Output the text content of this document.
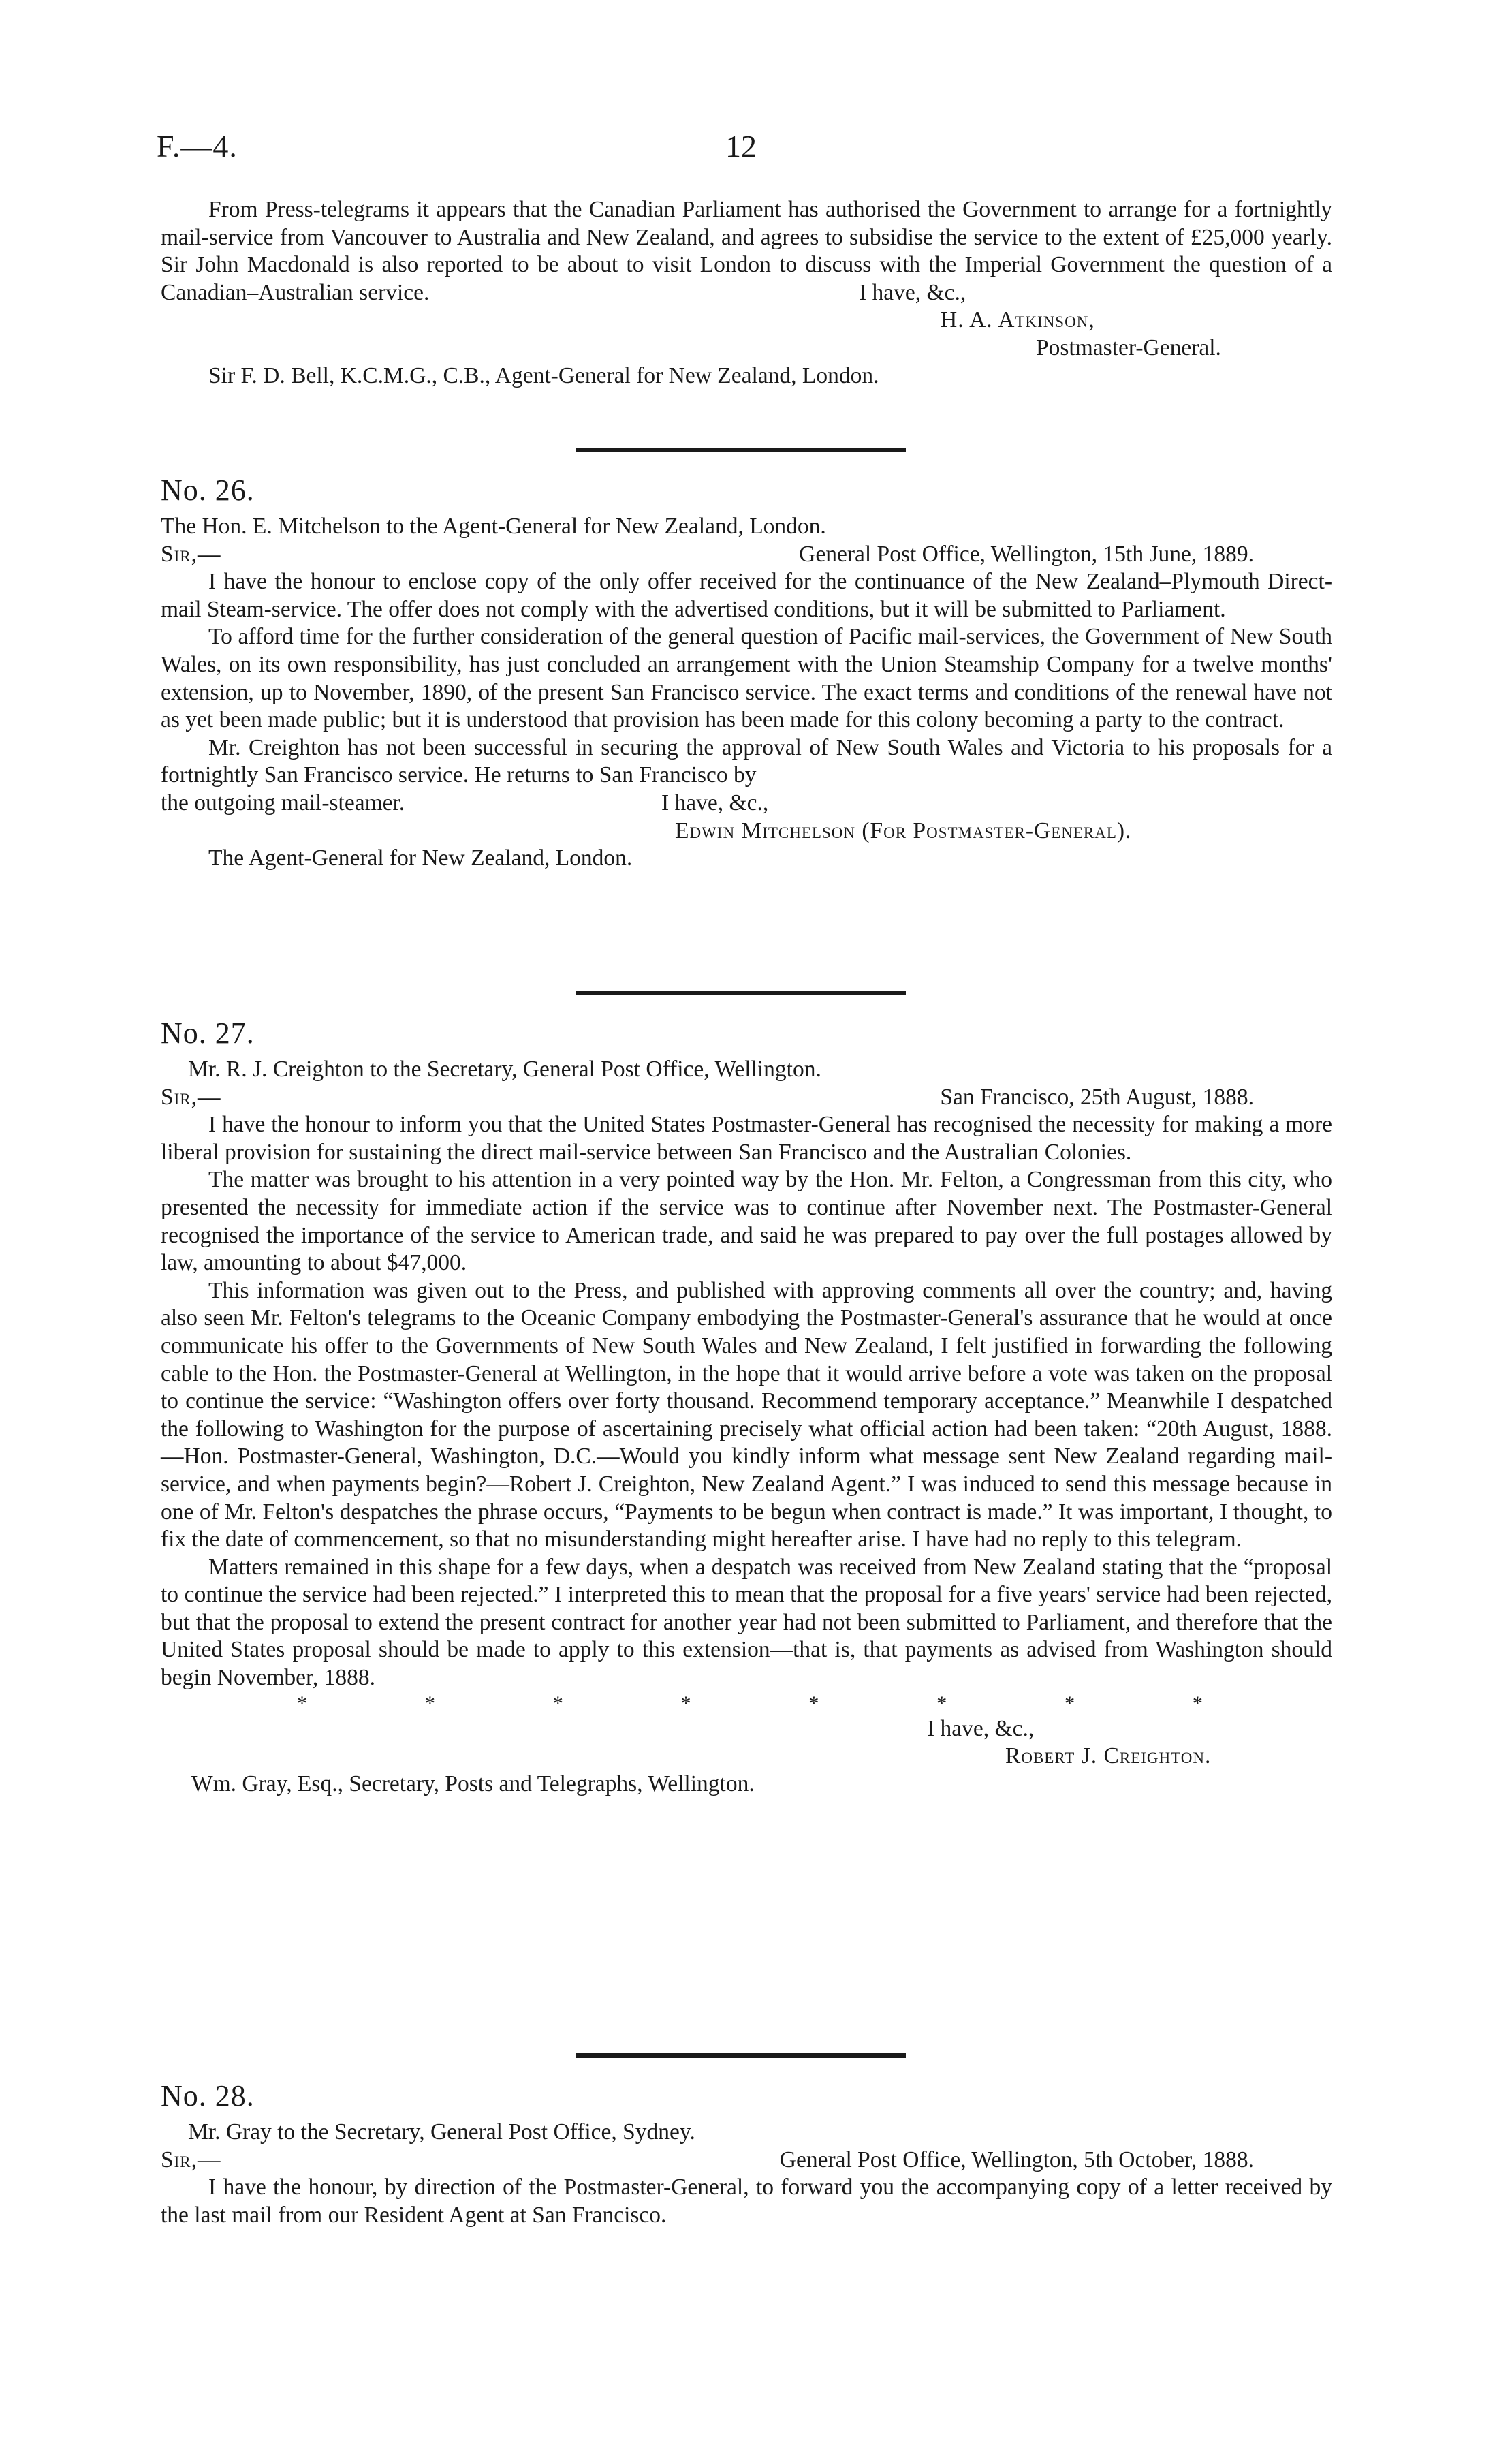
F.—4.	12

From Press-telegrams it appears that the Canadian Parliament has authorised the Government to arrange for a fortnightly mail-service from Vancouver to Australia and New Zealand, and agrees to subsidise the service to the extent of £25,000 yearly. Sir John Macdonald is also reported to be about to visit London to discuss with the Imperial Government the question of a Canadian–Australian service.	I have, &c.,

H. A. Atkinson,

Postmaster-General.

Sir F. D. Bell, K.C.M.G., C.B., Agent-General for New Zealand, London.

No. 26.

The Hon. E. Mitchelson to the Agent-General for New Zealand, London.

Sir,—	General Post Office, Wellington, 15th June, 1889.

I have the honour to enclose copy of the only offer received for the continuance of the New Zealand–Plymouth Direct-mail Steam-service. The offer does not comply with the advertised conditions, but it will be submitted to Parliament.

To afford time for the further consideration of the general question of Pacific mail-services, the Government of New South Wales, on its own responsibility, has just concluded an arrangement with the Union Steamship Company for a twelve months' extension, up to November, 1890, of the present San Francisco service. The exact terms and conditions of the renewal have not as yet been made public; but it is understood that provision has been made for this colony becoming a party to the contract.

Mr. Creighton has not been successful in securing the approval of New South Wales and Victoria to his proposals for a fortnightly San Francisco service. He returns to San Francisco by

the outgoing mail-steamer.	I have, &c.,

Edwin Mitchelson (For Postmaster-General).

The Agent-General for New Zealand, London.

No. 27.

Mr. R. J. Creighton to the Secretary, General Post Office, Wellington.

Sir,—	San Francisco, 25th August, 1888.

I have the honour to inform you that the United States Postmaster-General has recognised the necessity for making a more liberal provision for sustaining the direct mail-service between San Francisco and the Australian Colonies.

The matter was brought to his attention in a very pointed way by the Hon. Mr. Felton, a Congressman from this city, who presented the necessity for immediate action if the service was to continue after November next. The Postmaster-General recognised the importance of the service to American trade, and said he was prepared to pay over the full postages allowed by law, amounting to about $47,000.

This information was given out to the Press, and published with approving comments all over the country; and, having also seen Mr. Felton's telegrams to the Oceanic Company embodying the Postmaster-General's assurance that he would at once communicate his offer to the Governments of New South Wales and New Zealand, I felt justified in forwarding the following cable to the Hon. the Postmaster-General at Wellington, in the hope that it would arrive before a vote was taken on the proposal to continue the service: “Washington offers over forty thousand. Recommend temporary acceptance.” Meanwhile I despatched the following to Washington for the purpose of ascertaining precisely what official action had been taken: “20th August, 1888.—Hon. Postmaster-General, Washington, D.C.—Would you kindly inform what message sent New Zealand regarding mail-service, and when payments begin?—Robert J. Creighton, New Zealand Agent.” I was induced to send this message because in one of Mr. Felton's despatches the phrase occurs, “Payments to be begun when contract is made.” It was important, I thought, to fix the date of commencement, so that no misunderstanding might hereafter arise. I have had no reply to this telegram.

Matters remained in this shape for a few days, when a despatch was received from New Zealand stating that the “proposal to continue the service had been rejected.” I interpreted this to mean that the proposal for a five years' service had been rejected, but that the proposal to extend the present contract for another year had not been submitted to Parliament, and therefore that the United States proposal should be made to apply to this extension—that is, that payments as advised from Washington should begin November, 1888.

*	*	*	*	*	*	*	*

I have, &c.,

Robert J. Creighton.

Wm. Gray, Esq., Secretary, Posts and Telegraphs, Wellington.

No. 28.

Mr. Gray to the Secretary, General Post Office, Sydney.

Sir,—	General Post Office, Wellington, 5th October, 1888.

I have the honour, by direction of the Postmaster-General, to forward you the accompanying copy of a letter received by the last mail from our Resident Agent at San Francisco.
